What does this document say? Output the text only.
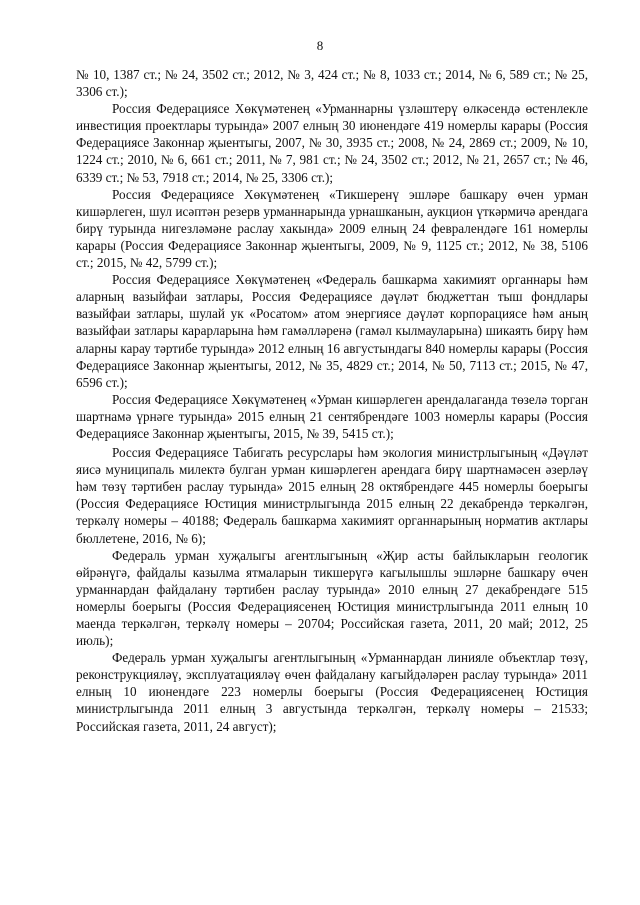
8

№ 10, 1387 ст.; № 24, 3502 ст.; 2012, № 3, 424 ст.; № 8, 1033 ст.; 2014, № 6, 589 ст.; № 25, 3306 ст.);

Россия Федерациясе Хөкүмәтенең «Урманнарны үзләштерү өлкәсендә өстенлекле инвестиция проектлары турында» 2007 елның 30 июнендәге 419 номерлы карары (Россия Федерациясе Законнар җыентыгы, 2007, № 30, 3935 ст.; 2008, № 24, 2869 ст.; 2009, № 10, 1224 ст.; 2010, № 6, 661 ст.; 2011, № 7, 981 ст.; № 24, 3502 ст.; 2012, № 21, 2657 ст.; № 46, 6339 ст.; № 53, 7918 ст.; 2014, № 25, 3306 ст.);

Россия Федерациясе Хөкүмәтенең «Тикшеренү эшләре башкару өчен урман кишәрлеген, шул исәптән резерв урманнарында урнашканын, аукцион үткәрмичә арендага бирү турында нигезләмәне раслау хакында» 2009 елның 24 февралендәге 161 номерлы карары (Россия Федерациясе Законнар җыентыгы, 2009, № 9, 1125 ст.; 2012, № 38, 5106 ст.; 2015, № 42, 5799 ст.);

Россия Федерациясе Хөкүмәтенең «Федераль башкарма хакимият органнары һәм аларның вазыйфаи затлары, Россия Федерациясе дәүләт бюджеттан тыш фондлары вазыйфаи затлары, шулай ук «Росатом» атом энергиясе дәүләт корпорациясе һәм аның вазыйфаи затлары карарларына һәм гамәлләренә (гамәл кылмауларына) шикаять бирү һәм аларны карау тәртибе турында» 2012 елның 16 августындагы 840 номерлы карары (Россия Федерациясе Законнар җыентыгы, 2012, № 35, 4829 ст.; 2014, № 50, 7113 ст.; 2015, № 47, 6596 ст.);

Россия Федерациясе Хөкүмәтенең «Урман кишәрлеген арендалаганда төзелә торган шартнамә үрнәге турында» 2015 елның 21 сентябрендәге 1003 номерлы карары (Россия Федерациясе Законнар җыентыгы, 2015, № 39, 5415 ст.);

Россия Федерациясе Табигать ресурслары һәм экология министрлыгының «Дәүләт яисә муниципаль милектә булган урман кишәрлеген арендага бирү шартнамәсен әзерләү һәм төзү тәртибен раслау турында» 2015 елның 28 октябрендәге 445 номерлы боерыгы (Россия Федерациясе Юстиция министрлыгында 2015 елның 22 декабрендә теркәлгән, теркәлү номеры – 40188; Федераль башкарма хакимият органнарының норматив актлары бюллетене, 2016, № 6);

Федераль урман хуҗалыгы агентлыгының «Җир асты байлыкларын геологик өйрәнүгә, файдалы казылма ятмаларын тикшерүгә кагылышлы эшләрне башкару өчен урманнардан файдалану тәртибен раслау турында» 2010 елның 27 декабрендәге 515 номерлы боерыгы (Россия Федерациясенең Юстиция министрлыгында 2011 елның 10 маенда теркәлгән, теркәлү номеры – 20704; Российская газета, 2011, 20 май; 2012, 25 июль);

Федераль урман хуҗалыгы агентлыгының «Урманнардан линияле объектлар төзү, реконструкцияләү, эксплуатацияләү өчен файдалану кагыйдәләрен раслау турында» 2011 елның 10 июнендәге 223 номерлы боерыгы (Россия Федерациясенең Юстиция министрлыгында 2011 елның 3 августында теркәлгән, теркәлү номеры – 21533; Российская газета, 2011, 24 август);
